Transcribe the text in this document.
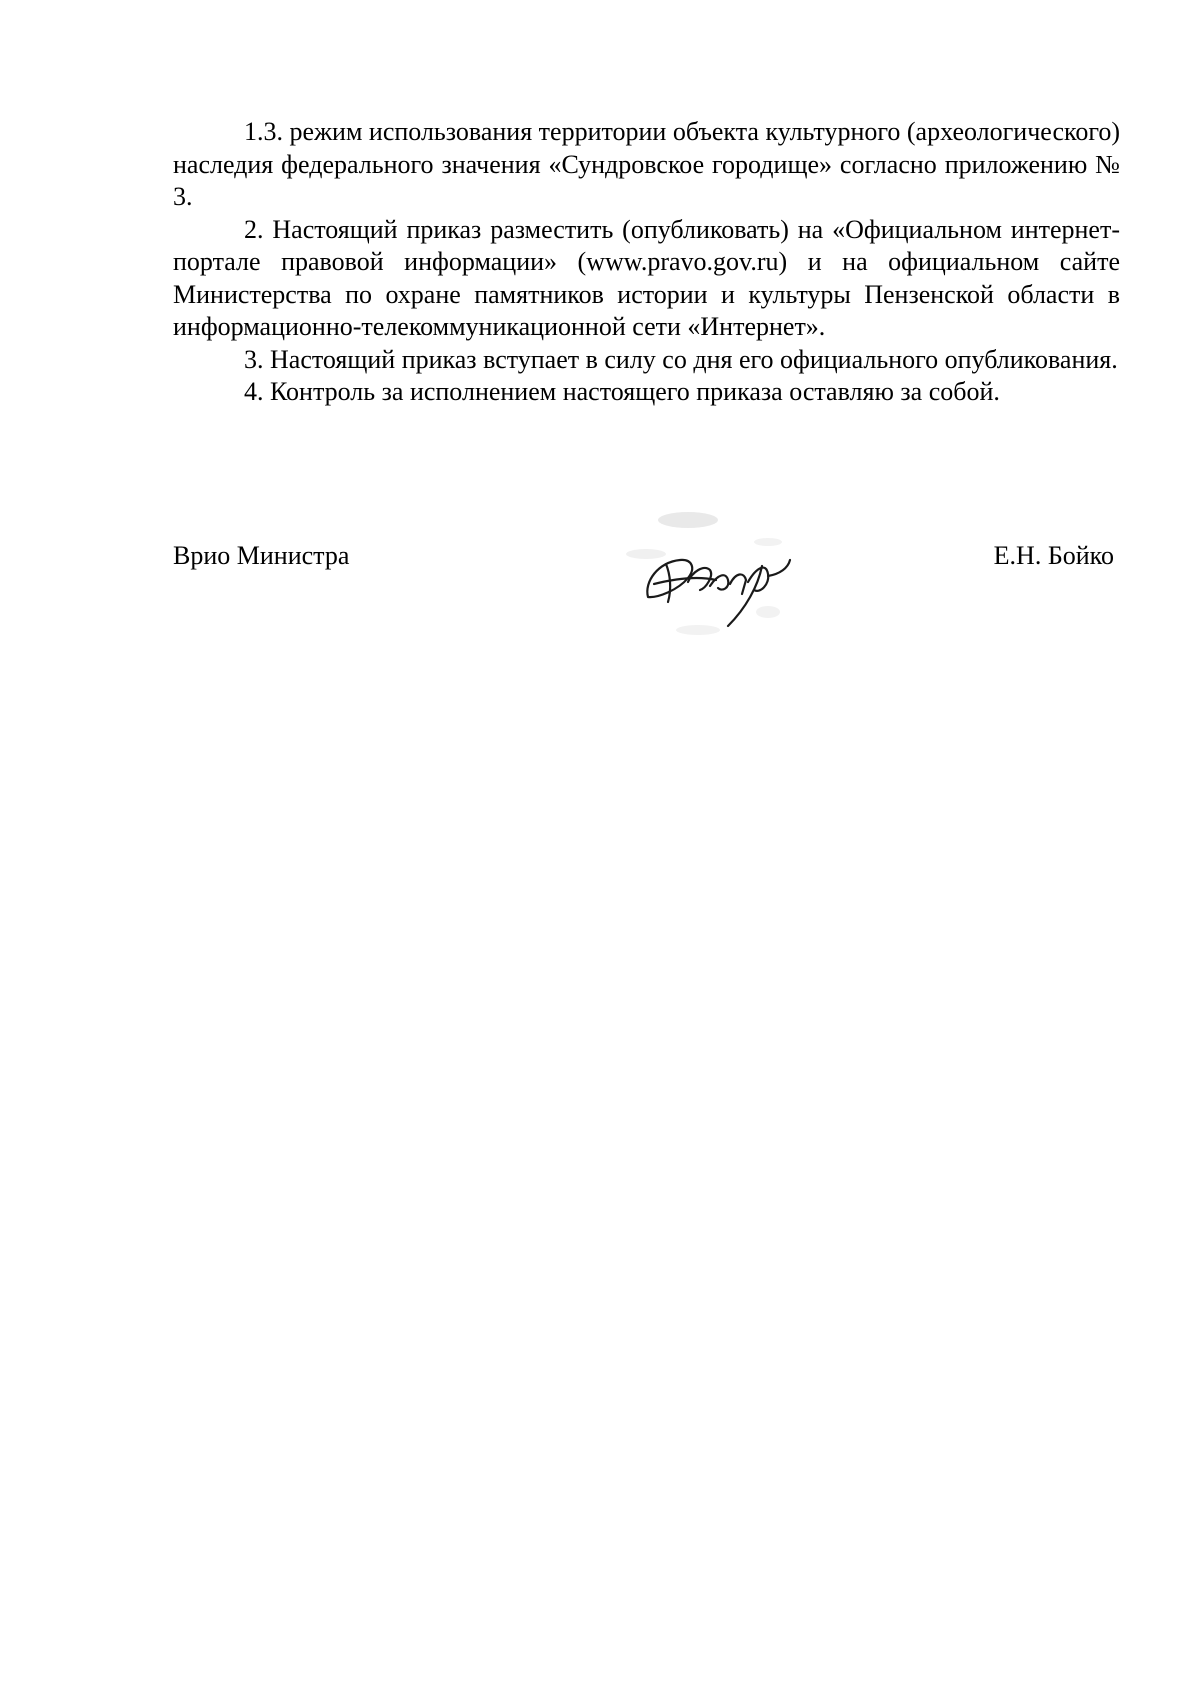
1.3. режим использования территории объекта культурного (археологического) наследия федерального значения «Сундровское городище» согласно приложению № 3.

2. Настоящий приказ разместить (опубликовать) на «Официальном интернет-портале правовой информации» (www.pravo.gov.ru) и на официальном сайте Министерства по охране памятников истории и культуры Пензенской области в информационно-телекоммуникационной сети «Интернет».

3. Настоящий приказ вступает в силу со дня его официального опубликования.

4. Контроль за исполнением настоящего приказа оставляю за собой.

Врио Министра	Е.Н. Бойко
